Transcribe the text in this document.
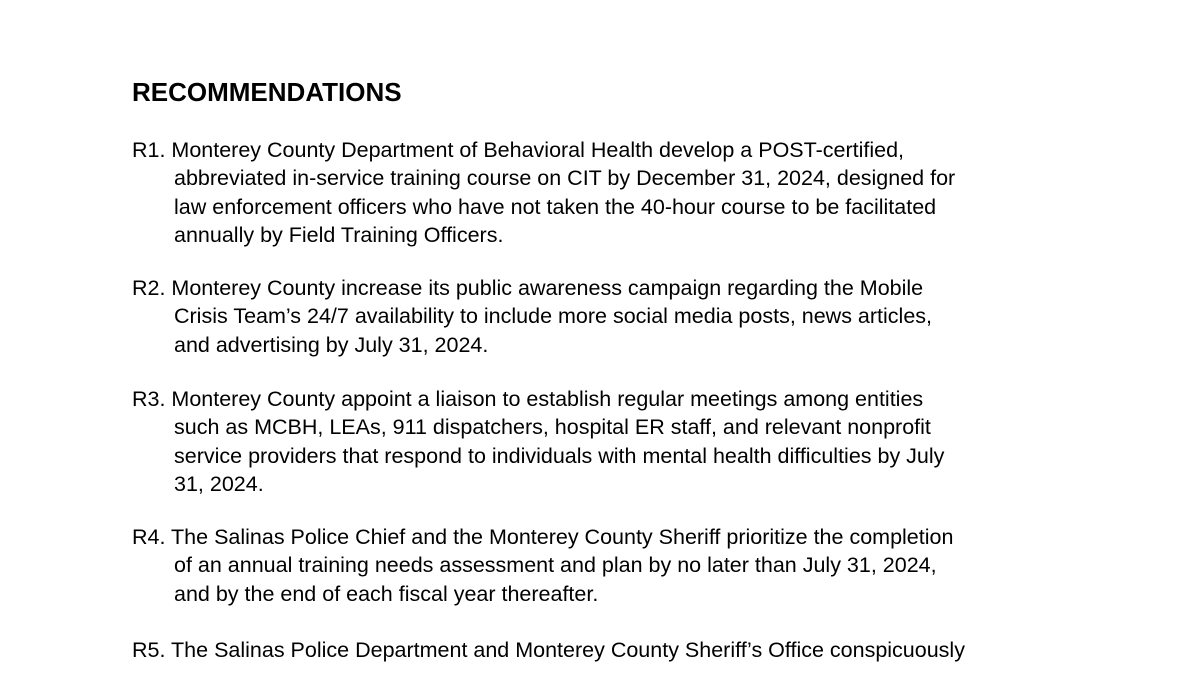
RECOMMENDATIONS

R1. Monterey County Department of Behavioral Health develop a POST-certified,
abbreviated in-service training course on CIT by December 31, 2024, designed for
law enforcement officers who have not taken the 40-hour course to be facilitated
annually by Field Training Officers.

R2. Monterey County increase its public awareness campaign regarding the Mobile
Crisis Team’s 24/7 availability to include more social media posts, news articles,
and advertising by July 31, 2024.

R3. Monterey County appoint a liaison to establish regular meetings among entities
such as MCBH, LEAs, 911 dispatchers, hospital ER staff, and relevant nonprofit
service providers that respond to individuals with mental health difficulties by July
31, 2024.

R4. The Salinas Police Chief and the Monterey County Sheriff prioritize the completion
of an annual training needs assessment and plan by no later than July 31, 2024,
and by the end of each fiscal year thereafter.

R5. The Salinas Police Department and Monterey County Sheriff’s Office conspicuously
